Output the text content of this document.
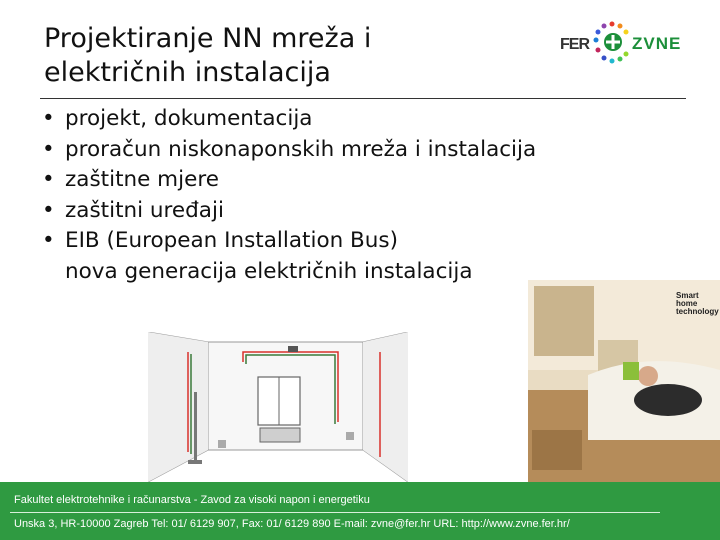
Projektiranje NN mreža i električnih instalacija
FER	ZVNE
• projekt, dokumentacija
• proračun niskonaponskih mreža i instalacija
• zaštitne mjere
• zaštitni uređaji
• EIB (European Installation Bus)
nova generacija električnih instalacija
Smart home technology
Fakultet elektrotehnike i računarstva - Zavod za visoki napon i energetiku
Unska 3, HR-10000 Zagreb Tel: 01/ 6129 907, Fax: 01/ 6129 890 E-mail: zvne@fer.hr URL: http://www.zvne.fer.hr/
